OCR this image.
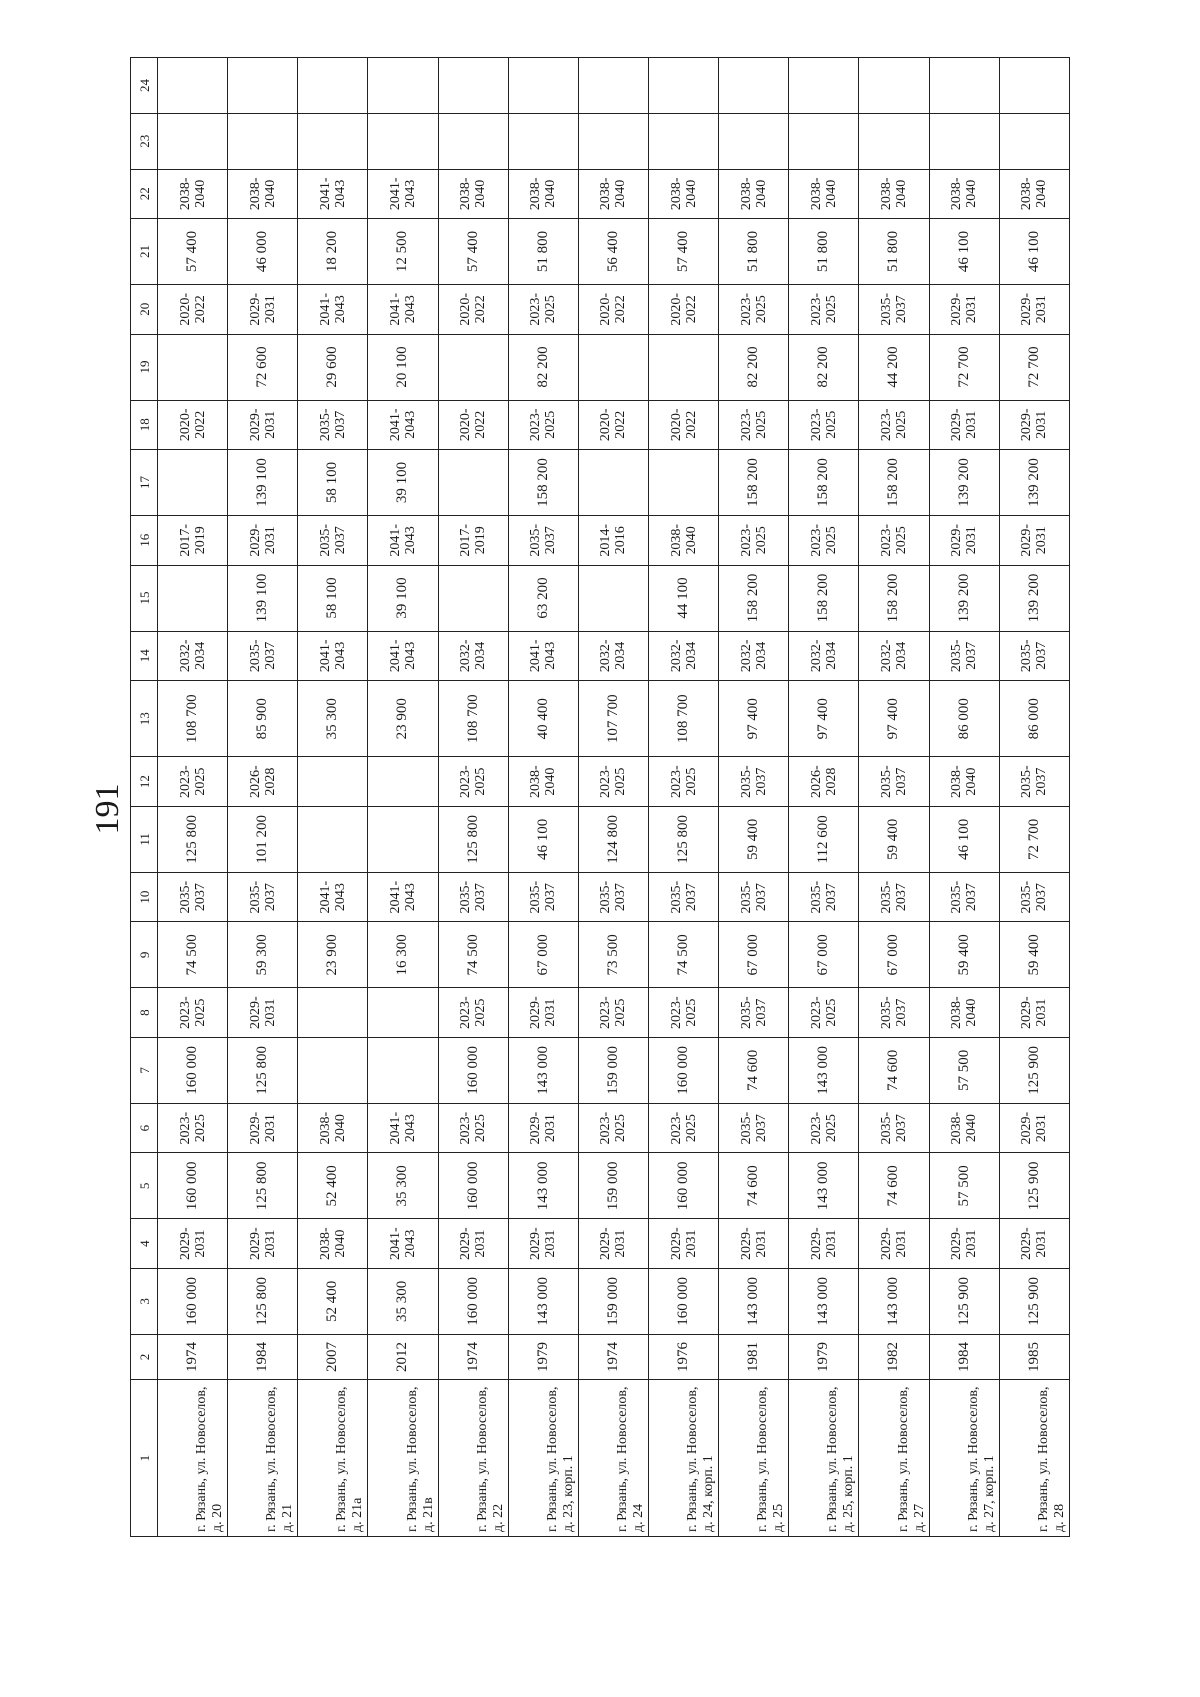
191
1	2	3	4	5	6	7	8	9	10	11	12	13	14	15	16	17	18	19	20	21	22	23	24
г. Рязань, ул. Новоселов, д. 20	1974	160 000	2029-2031	160 000	2023-2025	160 000	2023-2025	74 500	2035-2037	125 800	2023-2025	108 700	2032-2034		2017-2019		2020-2022		2020-2022	57 400	2038-2040		
г. Рязань, ул. Новоселов, д. 21	1984	125 800	2029-2031	125 800	2029-2031	125 800	2029-2031	59 300	2035-2037	101 200	2026-2028	85 900	2035-2037	139 100	2029-2031	139 100	2029-2031	72 600	2029-2031	46 000	2038-2040		
г. Рязань, ул. Новоселов, д. 21а	2007	52 400	2038-2040	52 400	2038-2040			23 900	2041-2043			35 300	2041-2043	58 100	2035-2037	58 100	2035-2037	29 600	2041-2043	18 200	2041-2043		
г. Рязань, ул. Новоселов, д. 21в	2012	35 300	2041-2043	35 300	2041-2043			16 300	2041-2043			23 900	2041-2043	39 100	2041-2043	39 100	2041-2043	20 100	2041-2043	12 500	2041-2043		
г. Рязань, ул. Новоселов, д. 22	1974	160 000	2029-2031	160 000	2023-2025	160 000	2023-2025	74 500	2035-2037	125 800	2023-2025	108 700	2032-2034		2017-2019		2020-2022		2020-2022	57 400	2038-2040		
г. Рязань, ул. Новоселов, д. 23, корп. 1	1979	143 000	2029-2031	143 000	2029-2031	143 000	2029-2031	67 000	2035-2037	46 100	2038-2040	40 400	2041-2043	63 200	2035-2037	158 200	2023-2025	82 200	2023-2025	51 800	2038-2040		
г. Рязань, ул. Новоселов, д. 24	1974	159 000	2029-2031	159 000	2023-2025	159 000	2023-2025	73 500	2035-2037	124 800	2023-2025	107 700	2032-2034		2014-2016		2020-2022		2020-2022	56 400	2038-2040		
г. Рязань, ул. Новоселов, д. 24, корп. 1	1976	160 000	2029-2031	160 000	2023-2025	160 000	2023-2025	74 500	2035-2037	125 800	2023-2025	108 700	2032-2034	44 100	2038-2040		2020-2022		2020-2022	57 400	2038-2040		
г. Рязань, ул. Новоселов, д. 25	1981	143 000	2029-2031	74 600	2035-2037	74 600	2035-2037	67 000	2035-2037	59 400	2035-2037	97 400	2032-2034	158 200	2023-2025	158 200	2023-2025	82 200	2023-2025	51 800	2038-2040		
г. Рязань, ул. Новоселов, д. 25, корп. 1	1979	143 000	2029-2031	143 000	2023-2025	143 000	2023-2025	67 000	2035-2037	112 600	2026-2028	97 400	2032-2034	158 200	2023-2025	158 200	2023-2025	82 200	2023-2025	51 800	2038-2040		
г. Рязань, ул. Новоселов, д. 27	1982	143 000	2029-2031	74 600	2035-2037	74 600	2035-2037	67 000	2035-2037	59 400	2035-2037	97 400	2032-2034	158 200	2023-2025	158 200	2023-2025	44 200	2035-2037	51 800	2038-2040		
г. Рязань, ул. Новоселов, д. 27, корп. 1	1984	125 900	2029-2031	57 500	2038-2040	57 500	2038-2040	59 400	2035-2037	46 100	2038-2040	86 000	2035-2037	139 200	2029-2031	139 200	2029-2031	72 700	2029-2031	46 100	2038-2040		
г. Рязань, ул. Новоселов, д. 28	1985	125 900	2029-2031	125 900	2029-2031	125 900	2029-2031	59 400	2035-2037	72 700	2035-2037	86 000	2035-2037	139 200	2029-2031	139 200	2029-2031	72 700	2029-2031	46 100	2038-2040		
